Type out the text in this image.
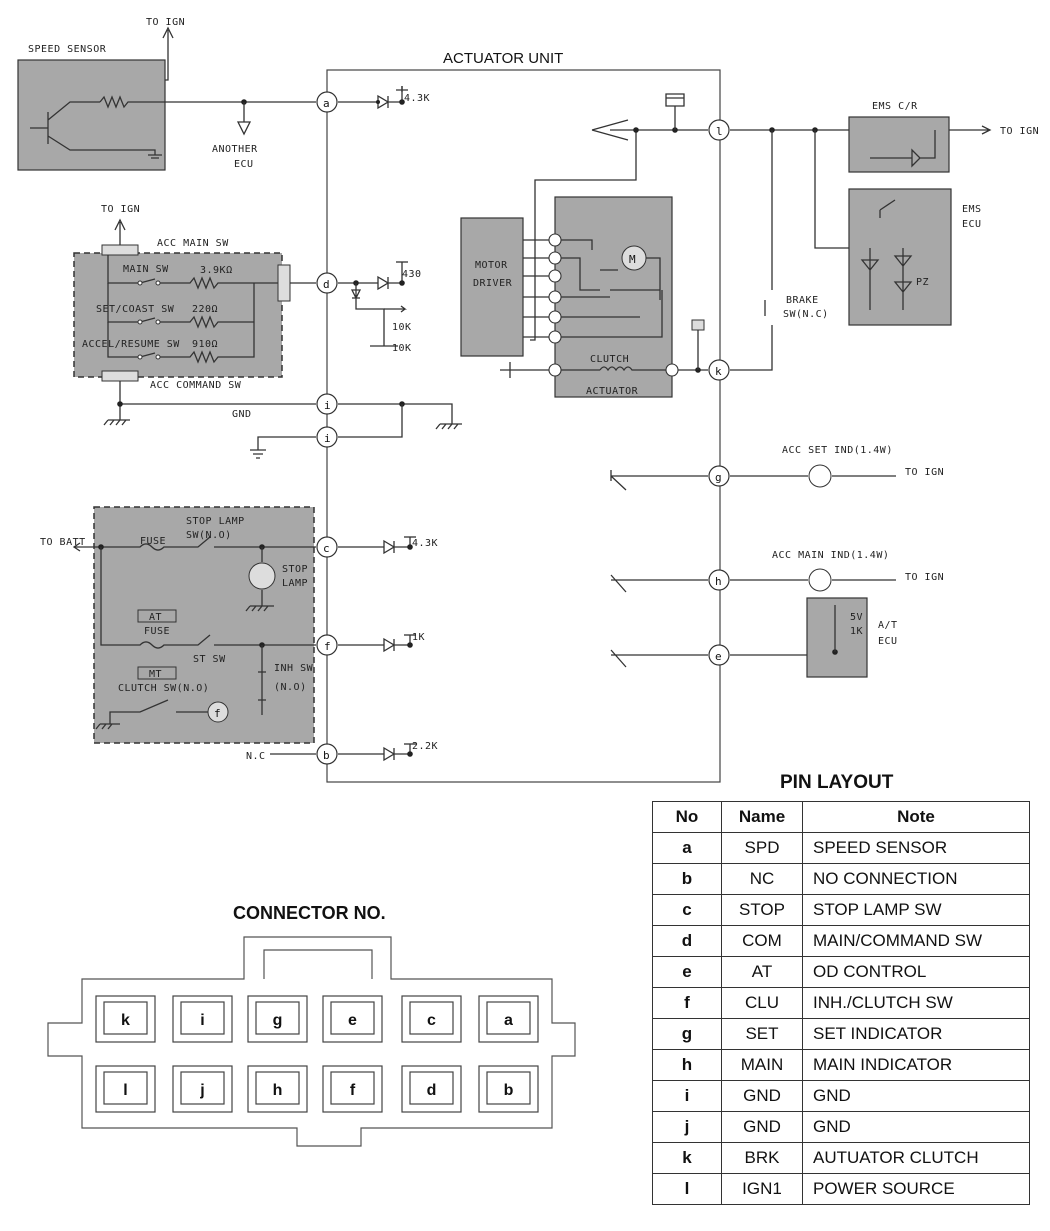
ACTUATOR UNIT
SPEED SENSOR
TO IGN
ANOTHER
ECU
ACC MAIN SW
TO IGN
MAIN SW	3.9KΩ
SET/COAST SW 220Ω
ACCEL/RESUME SW 910Ω
ACC COMMAND SW
GND
4.3K
430
10K
10K
TO BATT	FUSE
STOP LAMP
SW(N.O)
STOP
LAMP
AT
FUSE
ST SW
INH SW
(N.O)
MT
CLUTCH SW(N.O)
f
4.3K
1K
N.C
2.2K
MOTOR
DRIVER
CLUTCH
ACTUATOR
M
TO IGN
BRAKE
SW(N.C)
EMS C/R
EMS
ECU
PZ
ACC SET IND(1.4W)
TO IGN
ACC MAIN IND(1.4W)
TO IGN
5V
1K
A/T
ECU
a
d
i
i
c
f
b
l
k
g
h
e
k	i	g	e	c	a
l	j	h	f	d	b
PIN LAYOUT
No	Name	Note
a	SPD	SPEED SENSOR
b	NC	NO CONNECTION
c	STOP	STOP LAMP SW
d	COM	MAIN/COMMAND SW
e	AT	OD CONTROL
f	CLU	INH./CLUTCH SW
g	SET	SET INDICATOR
h	MAIN	MAIN INDICATOR
i	GND	GND
j	GND	GND
k	BRK	AUTUATOR CLUTCH
l	IGN1	POWER SOURCE
CONNECTOR NO.
